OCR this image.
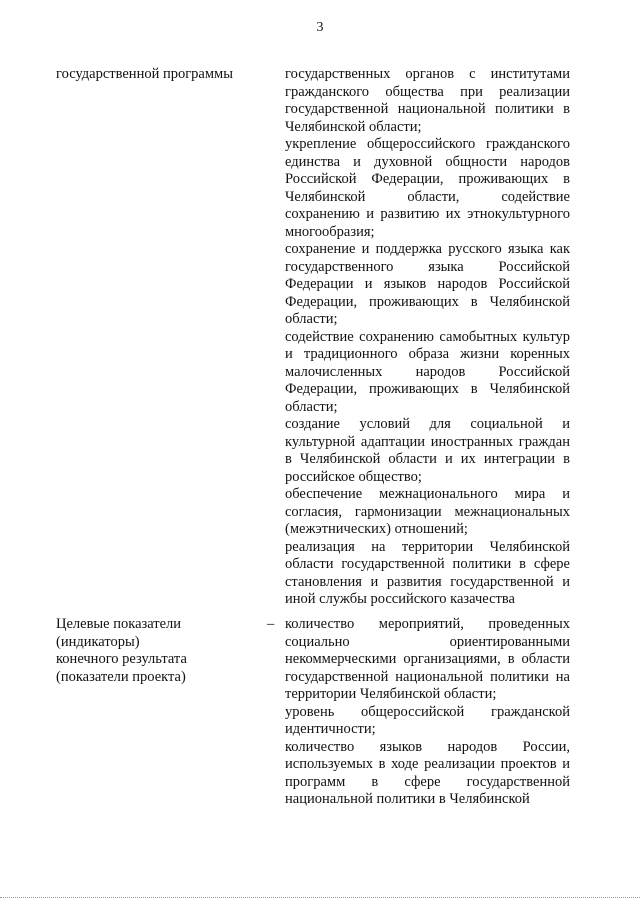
3
государственной программы	государственных органов с институтами гражданского общества при реализации государственной национальной политики в Челябинской области;

укрепление общероссийского гражданского единства и духовной общности народов Российской Федерации, проживающих в Челябинской области, содействие сохранению и развитию их этнокультурного многообразия;

сохранение и поддержка русского языка как государственного языка Российской Федерации и языков народов Российской Федерации, проживающих в Челябинской области;

содействие сохранению самобытных культур и традиционного образа жизни коренных малочисленных народов Российской Федерации, проживающих в Челябинской области;

создание условий для социальной и культурной адаптации иностранных граждан в Челябинской области и их интеграции в российское общество;

обеспечение межнационального мира и согласия, гармонизации межнациональных (межэтнических) отношений;

реализация на территории Челябинской области государственной политики в сфере становления и развития государственной и иной службы российского казачества

Целевые показатели
(индикаторы)
конечного результата
(показатели проекта)
– количество мероприятий, проведенных социально ориентированными некоммерческими организациями, в области государственной национальной политики на территории Челябинской области;

уровень общероссийской гражданской идентичности;

количество языков народов России, используемых в ходе реализации проектов и программ в сфере государственной национальной политики в Челябинской
